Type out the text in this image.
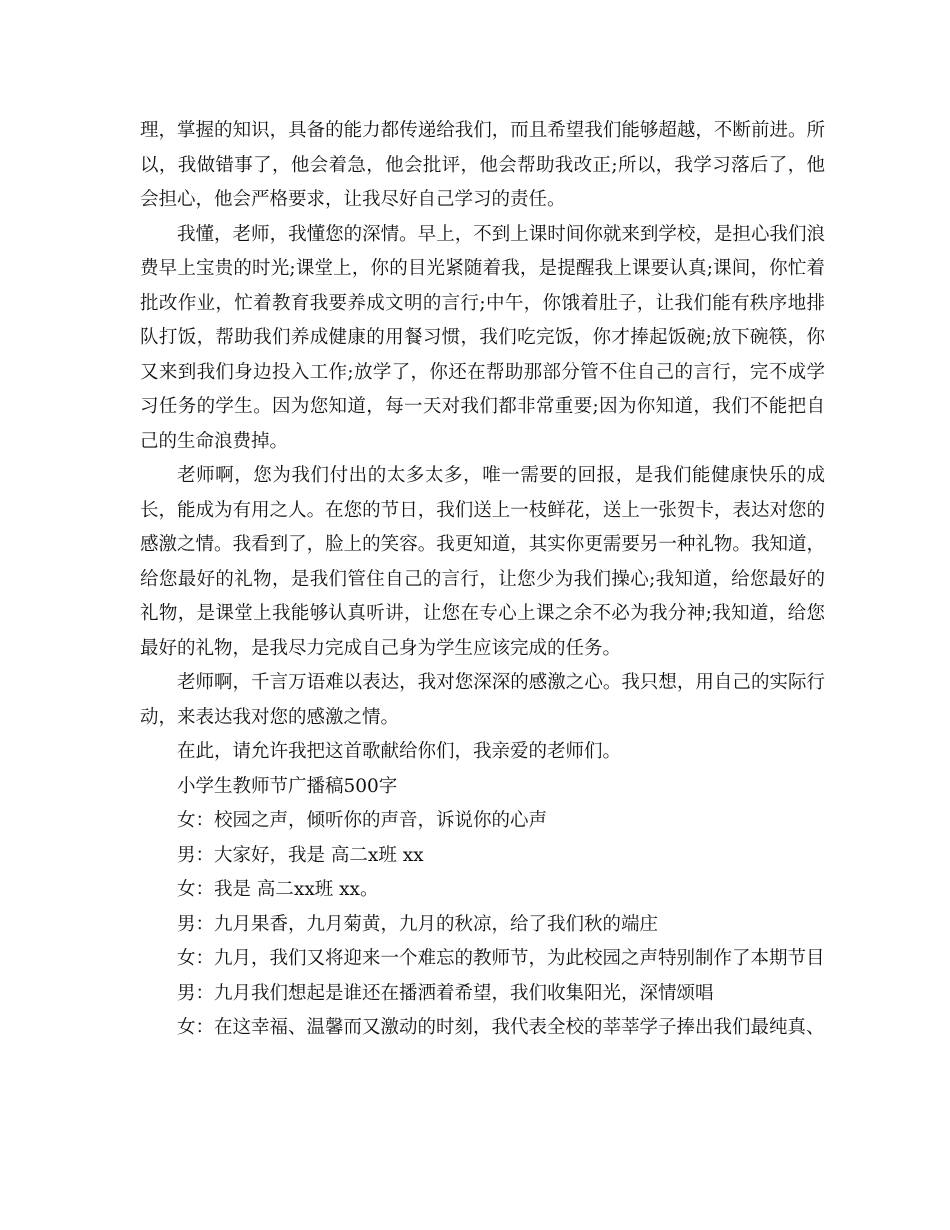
理，掌握的知识，具备的能力都传递给我们，而且希望我们能够超越，不断前进。所以，我做错事了，他会着急，他会批评，他会帮助我改正;所以，我学习落后了，他会担心，他会严格要求，让我尽好自己学习的责任。

我懂，老师，我懂您的深情。早上，不到上课时间你就来到学校，是担心我们浪费早上宝贵的时光;课堂上，你的目光紧随着我，是提醒我上课要认真;课间，你忙着批改作业，忙着教育我要养成文明的言行;中午，你饿着肚子，让我们能有秩序地排队打饭，帮助我们养成健康的用餐习惯，我们吃完饭，你才捧起饭碗;放下碗筷，你又来到我们身边投入工作;放学了，你还在帮助那部分管不住自己的言行，完不成学习任务的学生。因为您知道，每一天对我们都非常重要;因为你知道，我们不能把自己的生命浪费掉。

老师啊，您为我们付出的太多太多，唯一需要的回报，是我们能健康快乐的成长，能成为有用之人。在您的节日，我们送上一枝鲜花，送上一张贺卡，表达对您的感激之情。我看到了，脸上的笑容。我更知道，其实你更需要另一种礼物。我知道，给您最好的礼物，是我们管住自己的言行，让您少为我们操心;我知道，给您最好的礼物，是课堂上我能够认真听讲，让您在专心上课之余不必为我分神;我知道，给您最好的礼物，是我尽力完成自己身为学生应该完成的任务。

老师啊，千言万语难以表达，我对您深深的感激之心。我只想，用自己的实际行动，来表达我对您的感激之情。

在此，请允许我把这首歌献给你们，我亲爱的老师们。

小学生教师节广播稿500字

女：校园之声，倾听你的声音，诉说你的心声

男：大家好，我是 高二x班 xx

女：我是 高二xx班 xx。

男：九月果香，九月菊黄，九月的秋凉，给了我们秋的端庄

女：九月，我们又将迎来一个难忘的教师节，为此校园之声特别制作了本期节目

男：九月我们想起是谁还在播洒着希望，我们收集阳光，深情颂唱

女：在这幸福、温馨而又激动的时刻，我代表全校的莘莘学子捧出我们最纯真、
